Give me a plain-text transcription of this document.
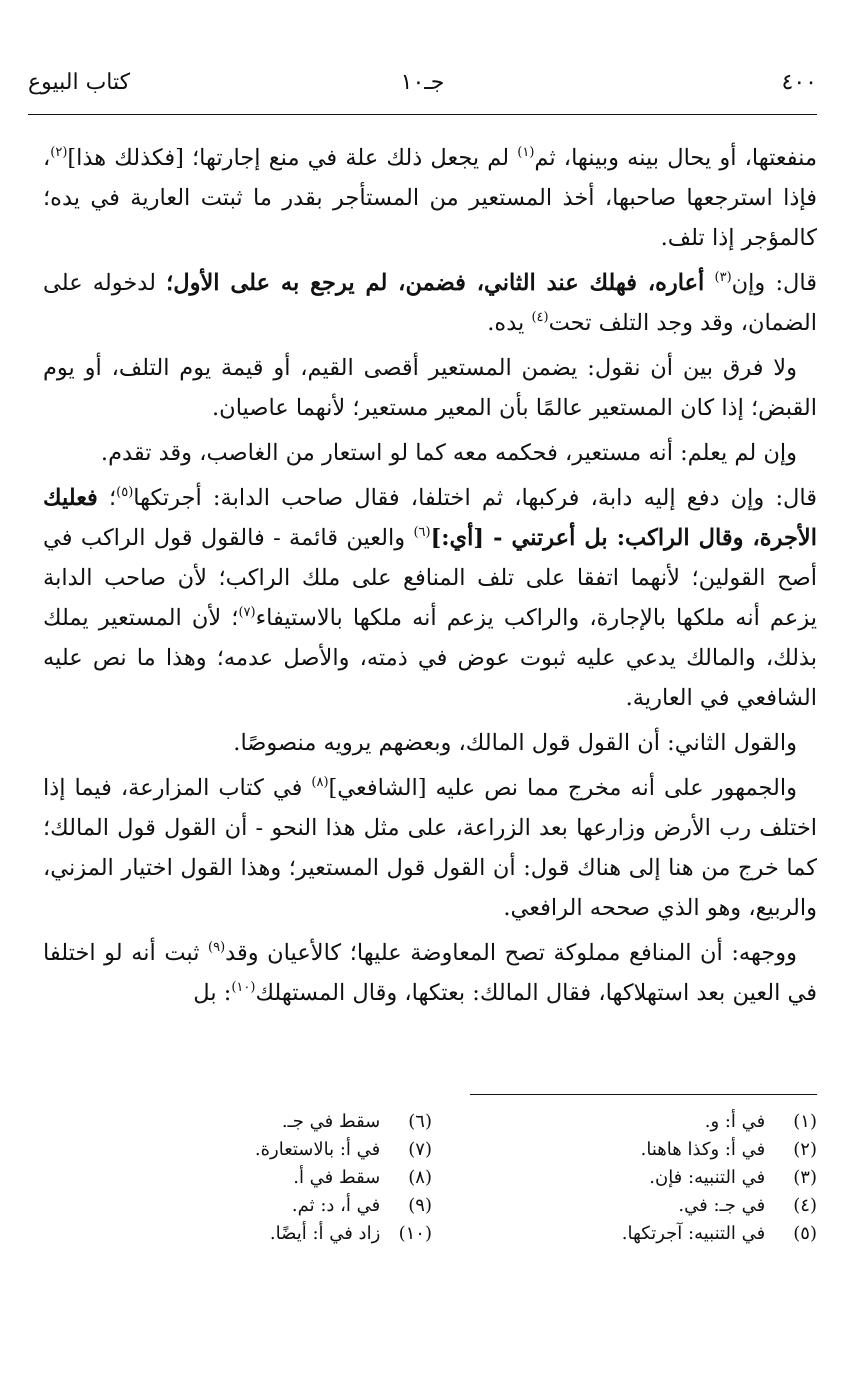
٤٠٠
جـ١٠
كتاب البيوع

منفعتها، أو يحال بينه وبينها، ثم$^{(١)}$ لم يجعل ذلك علة في منع إجارتها؛ [فكذلك هذا]$^{(٢)}$، فإذا استرجعها صاحبها، أخذ المستعير من المستأجر بقدر ما ثبتت العارية في يده؛ كالمؤجر إذا تلف.

قال: وإن$^{(٣)}$ أعاره، فهلك عند الثاني، فضمن، لم يرجع به على الأول؛ لدخوله على الضمان، وقد وجد التلف تحت$^{(٤)}$ يده.

ولا فرق بين أن نقول: يضمن المستعير أقصى القيم، أو قيمة يوم التلف، أو يوم القبض؛ إذا كان المستعير عالمًا بأن المعير مستعير؛ لأنهما عاصيان.

وإن لم يعلم: أنه مستعير، فحكمه معه كما لو استعار من الغاصب، وقد تقدم.

قال: وإن دفع إليه دابة، فركبها، ثم اختلفا، فقال صاحب الدابة: أجرتكها$^{(٥)}$؛ فعليك الأجرة، وقال الراكب: بل أعرتني - [أي:]$^{(٦)}$ والعين قائمة - فالقول قول الراكب في أصح القولين؛ لأنهما اتفقا على تلف المنافع على ملك الراكب؛ لأن صاحب الدابة يزعم أنه ملكها بالإجارة، والراكب يزعم أنه ملكها بالاستيفاء$^{(٧)}$؛ لأن المستعير يملك بذلك، والمالك يدعي عليه ثبوت عوض في ذمته، والأصل عدمه؛ وهذا ما نص عليه الشافعي في العارية.

والقول الثاني: أن القول قول المالك، وبعضهم يرويه منصوصًا.

والجمهور على أنه مخرج مما نص عليه [الشافعي]$^{(٨)}$ في كتاب المزارعة، فيما إذا اختلف رب الأرض وزارعها بعد الزراعة، على مثل هذا النحو - أن القول قول المالك؛ كما خرج من هنا إلى هناك قول: أن القول قول المستعير؛ وهذا القول اختيار المزني، والربيع، وهو الذي صححه الرافعي.

ووجهه: أن المنافع مملوكة تصح المعاوضة عليها؛ كالأعيان وقد$^{(٩)}$ ثبت أنه لو اختلفا في العين بعد استهلاكها، فقال المالك: بعتكها، وقال المستهلك$^{(١٠)}$: بل

(١) في أ: و.
(٢) في أ: وكذا هاهنا.
(٣) في التنبيه: فإن.
(٤) في جـ: في.
(٥) في التنبيه: آجرتكها.
(٦) سقط في جـ.
(٧) في أ: بالاستعارة.
(٨) سقط في أ.
(٩) في أ، د: ثم.
(١٠) زاد في أ: أيضًا.
